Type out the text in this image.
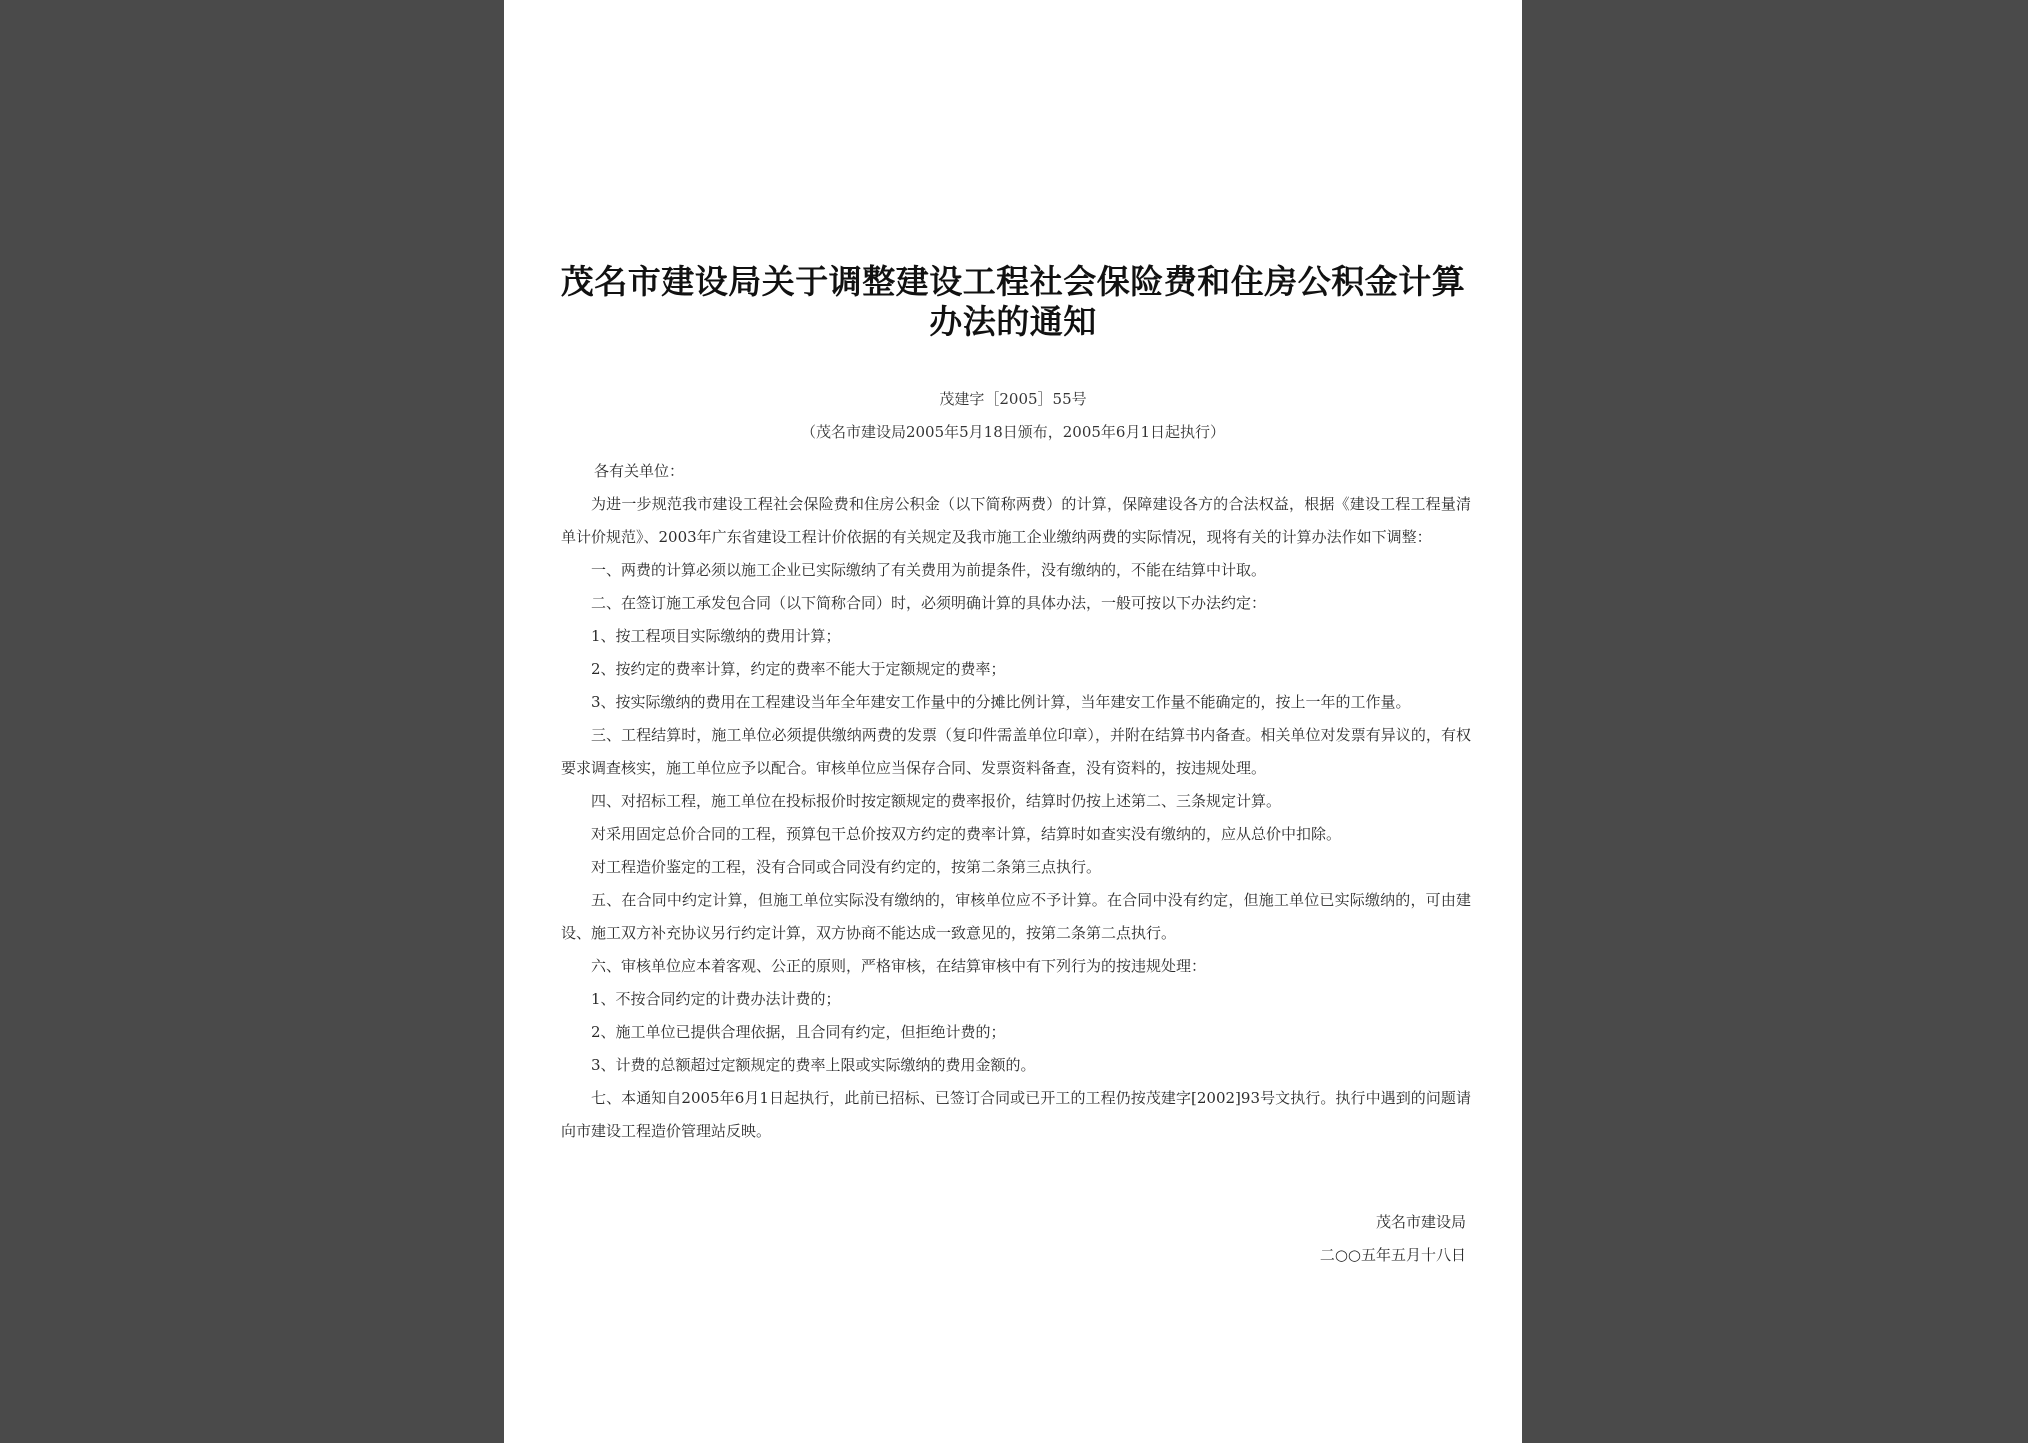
茂名市建设局关于调整建设工程社会保险费和住房公积金计算办法的通知
茂建字［2005］55号
（茂名市建设局2005年5月18日颁布，2005年6月1日起执行）
各有关单位：

为进一步规范我市建设工程社会保险费和住房公积金（以下简称两费）的计算，保障建设各方的合法权益，根据《建设工程工程量清单计价规范》、2003年广东省建设工程计价依据的有关规定及我市施工企业缴纳两费的实际情况，现将有关的计算办法作如下调整：

一、两费的计算必须以施工企业已实际缴纳了有关费用为前提条件，没有缴纳的，不能在结算中计取。

二、在签订施工承发包合同（以下简称合同）时，必须明确计算的具体办法，一般可按以下办法约定：

1、按工程项目实际缴纳的费用计算；

2、按约定的费率计算，约定的费率不能大于定额规定的费率；

3、按实际缴纳的费用在工程建设当年全年建安工作量中的分摊比例计算，当年建安工作量不能确定的，按上一年的工作量。

三、工程结算时，施工单位必须提供缴纳两费的发票（复印件需盖单位印章），并附在结算书内备查。相关单位对发票有异议的，有权要求调查核实，施工单位应予以配合。审核单位应当保存合同、发票资料备查，没有资料的，按违规处理。

四、对招标工程，施工单位在投标报价时按定额规定的费率报价，结算时仍按上述第二、三条规定计算。

对采用固定总价合同的工程，预算包干总价按双方约定的费率计算，结算时如查实没有缴纳的，应从总价中扣除。

对工程造价鉴定的工程，没有合同或合同没有约定的，按第二条第三点执行。

五、在合同中约定计算，但施工单位实际没有缴纳的，审核单位应不予计算。在合同中没有约定，但施工单位已实际缴纳的，可由建设、施工双方补充协议另行约定计算，双方协商不能达成一致意见的，按第二条第二点执行。

六、审核单位应本着客观、公正的原则，严格审核，在结算审核中有下列行为的按违规处理：

1、不按合同约定的计费办法计费的；

2、施工单位已提供合理依据，且合同有约定，但拒绝计费的；

3、计费的总额超过定额规定的费率上限或实际缴纳的费用金额的。

七、本通知自2005年6月1日起执行，此前已招标、已签订合同或已开工的工程仍按茂建字[2002]93号文执行。执行中遇到的问题请向市建设工程造价管理站反映。

茂名市建设局
二○○五年五月十八日
